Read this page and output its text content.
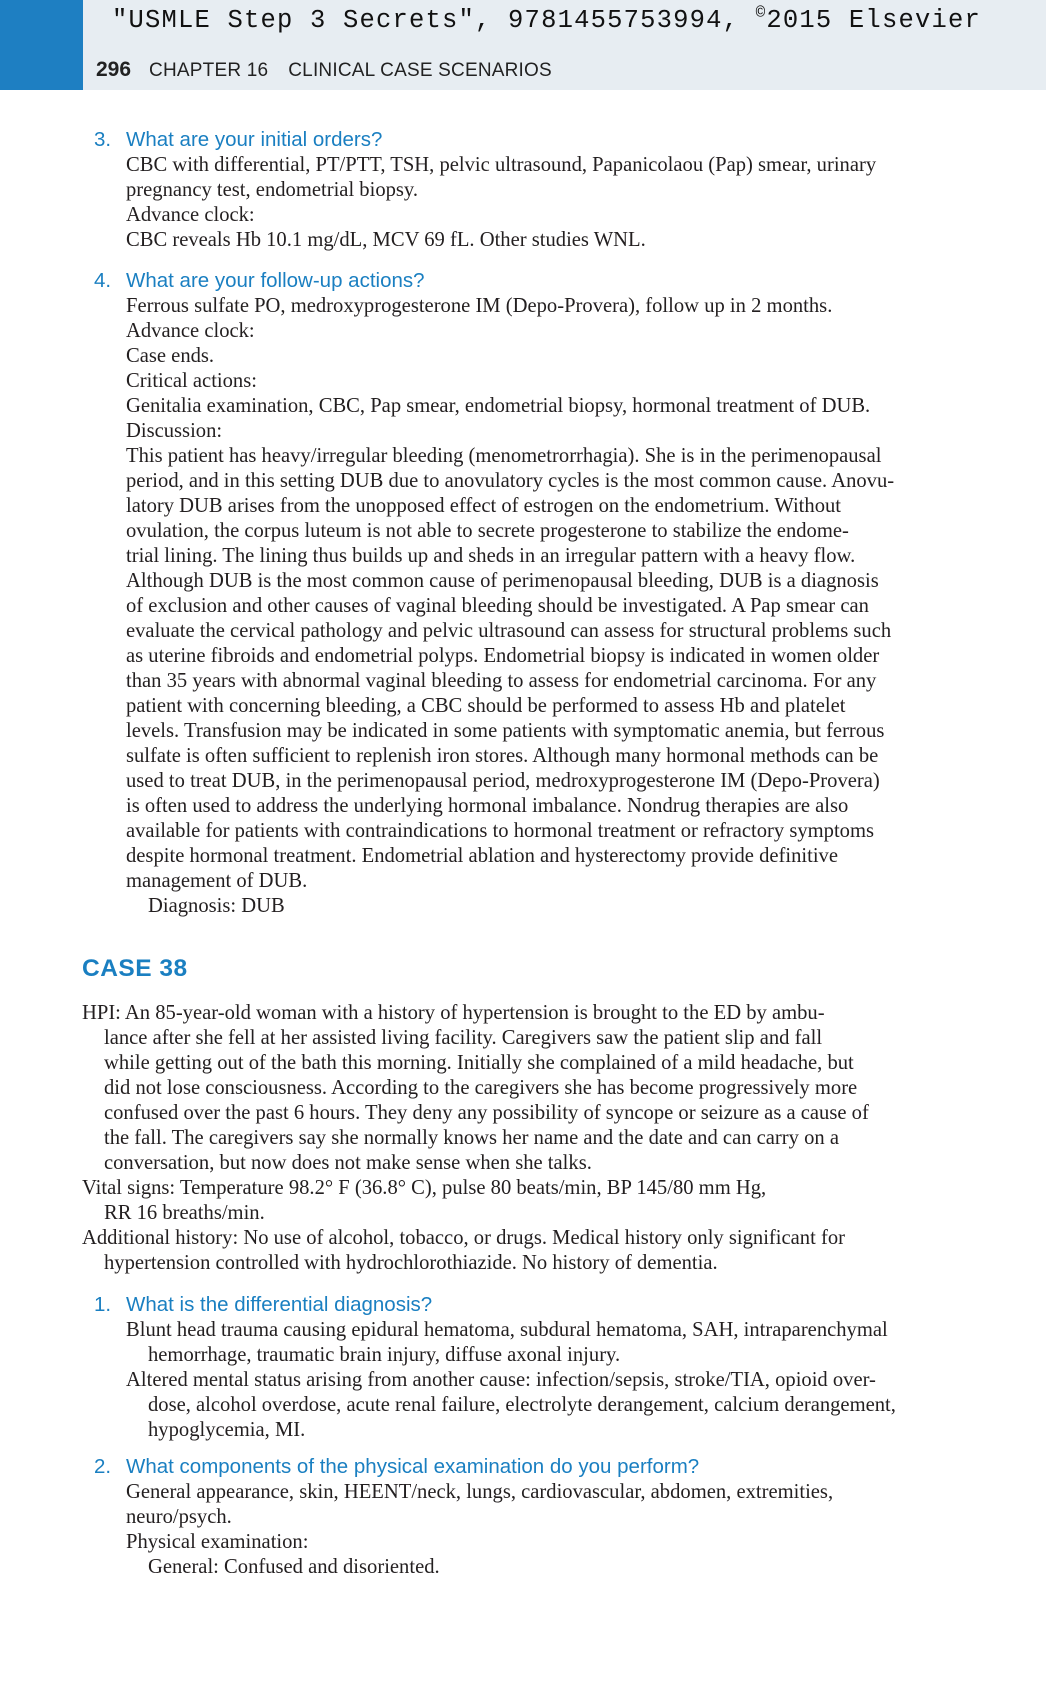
"USMLE Step 3 Secrets", 9781455753994, ©2015 Elsevier
296 CHAPTER 16 CLINICAL CASE SCENARIOS
3. What are your initial orders?
CBC with differential, PT/PTT, TSH, pelvic ultrasound, Papanicolaou (Pap) smear, urinary
pregnancy test, endometrial biopsy.
Advance clock:
CBC reveals Hb 10.1 mg/dL, MCV 69 fL. Other studies WNL.
4. What are your follow-up actions?
Ferrous sulfate PO, medroxyprogesterone IM (Depo-Provera), follow up in 2 months.
Advance clock:
Case ends.
Critical actions:
Genitalia examination, CBC, Pap smear, endometrial biopsy, hormonal treatment of DUB.
Discussion:
This patient has heavy/irregular bleeding (menometrorrhagia). She is in the perimenopausal
period, and in this setting DUB due to anovulatory cycles is the most common cause. Anovu-
latory DUB arises from the unopposed effect of estrogen on the endometrium. Without
ovulation, the corpus luteum is not able to secrete progesterone to stabilize the endome-
trial lining. The lining thus builds up and sheds in an irregular pattern with a heavy flow.
Although DUB is the most common cause of perimenopausal bleeding, DUB is a diagnosis
of exclusion and other causes of vaginal bleeding should be investigated. A Pap smear can
evaluate the cervical pathology and pelvic ultrasound can assess for structural problems such
as uterine fibroids and endometrial polyps. Endometrial biopsy is indicated in women older
than 35 years with abnormal vaginal bleeding to assess for endometrial carcinoma. For any
patient with concerning bleeding, a CBC should be performed to assess Hb and platelet
levels. Transfusion may be indicated in some patients with symptomatic anemia, but ferrous
sulfate is often sufficient to replenish iron stores. Although many hormonal methods can be
used to treat DUB, in the perimenopausal period, medroxyprogesterone IM (Depo-Provera)
is often used to address the underlying hormonal imbalance. Nondrug therapies are also
available for patients with contraindications to hormonal treatment or refractory symptoms
despite hormonal treatment. Endometrial ablation and hysterectomy provide definitive
management of DUB.
Diagnosis: DUB
CASE 38
HPI: An 85-year-old woman with a history of hypertension is brought to the ED by ambu-
lance after she fell at her assisted living facility. Caregivers saw the patient slip and fall
while getting out of the bath this morning. Initially she complained of a mild headache, but
did not lose consciousness. According to the caregivers she has become progressively more
confused over the past 6 hours. They deny any possibility of syncope or seizure as a cause of
the fall. The caregivers say she normally knows her name and the date and can carry on a
conversation, but now does not make sense when she talks.
Vital signs: Temperature 98.2° F (36.8° C), pulse 80 beats/min, BP 145/80 mm Hg,
RR 16 breaths/min.
Additional history: No use of alcohol, tobacco, or drugs. Medical history only significant for
hypertension controlled with hydrochlorothiazide. No history of dementia.
1. What is the differential diagnosis?
Blunt head trauma causing epidural hematoma, subdural hematoma, SAH, intraparenchymal
hemorrhage, traumatic brain injury, diffuse axonal injury.
Altered mental status arising from another cause: infection/sepsis, stroke/TIA, opioid over-
dose, alcohol overdose, acute renal failure, electrolyte derangement, calcium derangement,
hypoglycemia, MI.
2. What components of the physical examination do you perform?
General appearance, skin, HEENT/neck, lungs, cardiovascular, abdomen, extremities,
neuro/psych.
Physical examination:
General: Confused and disoriented.
